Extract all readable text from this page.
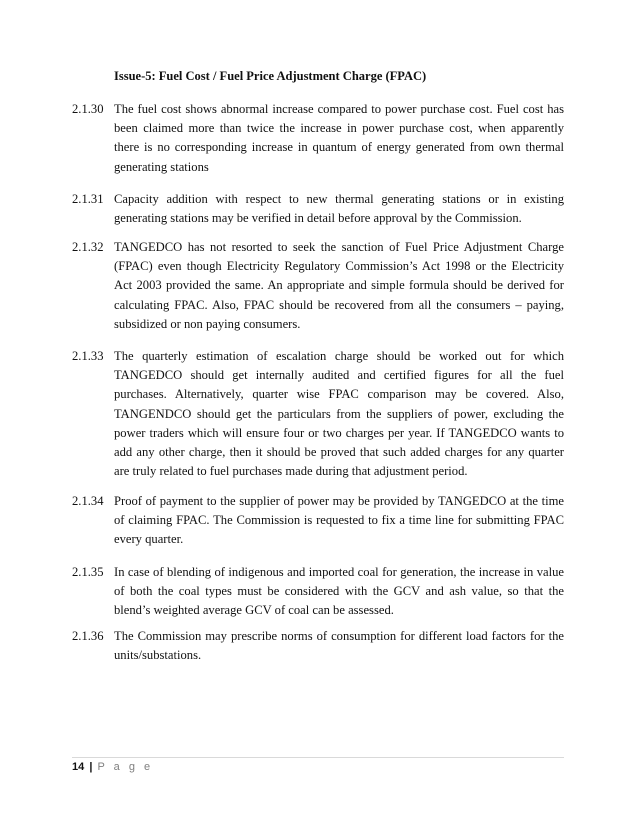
Issue-5: Fuel Cost / Fuel Price Adjustment Charge (FPAC)
2.1.30 The fuel cost shows abnormal increase compared to power purchase cost. Fuel cost has been claimed more than twice the increase in power purchase cost, when apparently there is no corresponding increase in quantum of energy generated from own thermal generating stations
2.1.31 Capacity addition with respect to new thermal generating stations or in existing generating stations may be verified in detail before approval by the Commission.
2.1.32 TANGEDCO has not resorted to seek the sanction of Fuel Price Adjustment Charge (FPAC) even though Electricity Regulatory Commission’s Act 1998 or the Electricity Act 2003 provided the same. An appropriate and simple formula should be derived for calculating FPAC. Also, FPAC should be recovered from all the consumers – paying, subsidized or non paying consumers.
2.1.33 The quarterly estimation of escalation charge should be worked out for which TANGEDCO should get internally audited and certified figures for all the fuel purchases. Alternatively, quarter wise FPAC comparison may be covered. Also, TANGENDCO should get the particulars from the suppliers of power, excluding the power traders which will ensure four or two charges per year. If TANGEDCO wants to add any other charge, then it should be proved that such added charges for any quarter are truly related to fuel purchases made during that adjustment period.
2.1.34 Proof of payment to the supplier of power may be provided by TANGEDCO at the time of claiming FPAC. The Commission is requested to fix a time line for submitting FPAC every quarter.
2.1.35 In case of blending of indigenous and imported coal for generation, the increase in value of both the coal types must be considered with the GCV and ash value, so that the blend’s weighted average GCV of coal can be assessed.
2.1.36 The Commission may prescribe norms of consumption for different load factors for the units/substations.
14 | P a g e
